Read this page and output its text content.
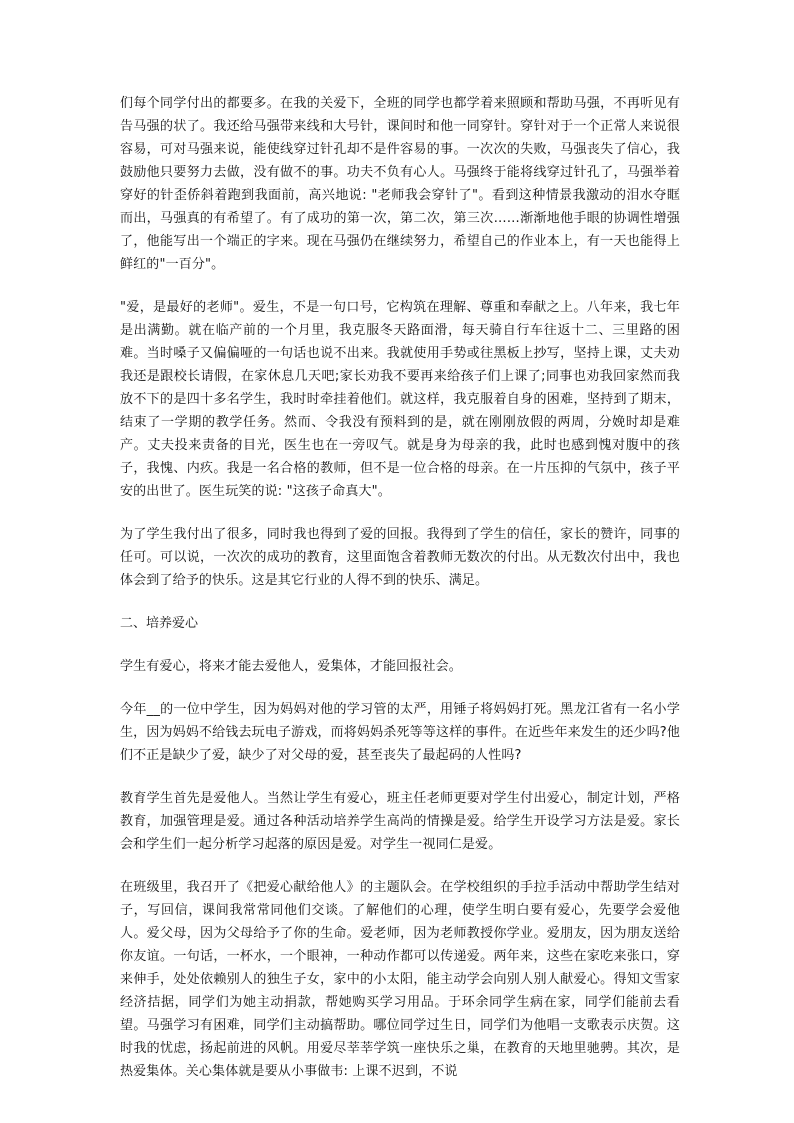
们每个同学付出的都要多。在我的关爱下，全班的同学也都学着来照顾和帮助马强，不再听见有告马强的状了。我还给马强带来线和大号针，课间时和他一同穿针。穿针对于一个正常人来说很容易，可对马强来说，能使线穿过针孔却不是件容易的事。一次次的失败，马强丧失了信心，我鼓励他只要努力去做，没有做不的事。功夫不负有心人。马强终于能将线穿过针孔了，马强举着穿好的针歪侨斜着跑到我面前，高兴地说: "老师我会穿针了"。看到这种情景我激动的泪水夺眶而出，马强真的有希望了。有了成功的第一次，第二次，第三次……渐渐地他手眼的协调性增强了，他能写出一个端正的字来。现在马强仍在继续努力，希望自己的作业本上，有一天也能得上鲜红的"一百分"。

"爱，是最好的老师"。爱生，不是一句口号，它构筑在理解、尊重和奉献之上。八年来，我七年是出满勤。就在临产前的一个月里，我克服冬天路面滑，每天骑自行车往返十二、三里路的困难。当时嗓子又偏偏哑的一句话也说不出来。我就使用手势或往黑板上抄写，坚持上课，丈夫劝我还是跟校长请假，在家休息几天吧;家长劝我不要再来给孩子们上课了;同事也劝我回家然而我放不下的是四十多名学生，我时时牵挂着他们。就这样，我克服着自身的困难，坚持到了期末，结束了一学期的教学任务。然而、令我没有预料到的是，就在刚刚放假的两周，分娩时却是难产。丈夫投来责备的目光，医生也在一旁叹气。就是身为母亲的我，此时也感到愧对腹中的孩子，我愧、内疚。我是一名合格的教师，但不是一位合格的母亲。在一片压抑的气氛中，孩子平安的出世了。医生玩笑的说: "这孩子命真大"。

为了学生我付出了很多，同时我也得到了爱的回报。我得到了学生的信任，家长的赞许，同事的任可。可以说，一次次的成功的教育，这里面饱含着教师无数次的付出。从无数次付出中，我也体会到了给予的快乐。这是其它行业的人得不到的快乐、满足。

二、培养爱心

学生有爱心，将来才能去爱他人，爱集体，才能回报社会。

今年__的一位中学生，因为妈妈对他的学习管的太严，用锤子将妈妈打死。黑龙江省有一名小学生，因为妈妈不给钱去玩电子游戏，而将妈妈杀死等等这样的事件。在近些年来发生的还少吗?他们不正是缺少了爱，缺少了对父母的爱，甚至丧失了最起码的人性吗?

教育学生首先是爱他人。当然让学生有爱心，班主任老师更要对学生付出爱心，制定计划，严格教育，加强管理是爱。通过各种活动培养学生高尚的情操是爱。给学生开设学习方法是爱。家长会和学生们一起分析学习起落的原因是爱。对学生一视同仁是爱。

在班级里，我召开了《把爱心献给他人》的主题队会。在学校组织的手拉手活动中帮助学生结对子，写回信，课间我常常同他们交谈。了解他们的心理，使学生明白要有爱心，先要学会爱他人。爱父母，因为父母给予了你的生命。爱老师，因为老师教授你学业。爱朋友，因为朋友送给你友谊。一句话，一杯水，一个眼神，一种动作都可以传递爱。两年来，这些在家吃来张口，穿来伸手，处处依赖别人的独生子女，家中的小太阳，能主动学会向别人别人献爱心。得知文雪家经济拮据，同学们为她主动捐款，帮她购买学习用品。于环余同学生病在家，同学们能前去看望。马强学习有困难，同学们主动搞帮助。哪位同学过生日，同学们为他唱一支歌表示庆贺。这时我的忧虑，扬起前进的风帆。用爱尽莘莘学筑一座快乐之巢，在教育的天地里驰骋。其次，是热爱集体。关心集体就是要从小事做韦: 上课不迟到，不说
